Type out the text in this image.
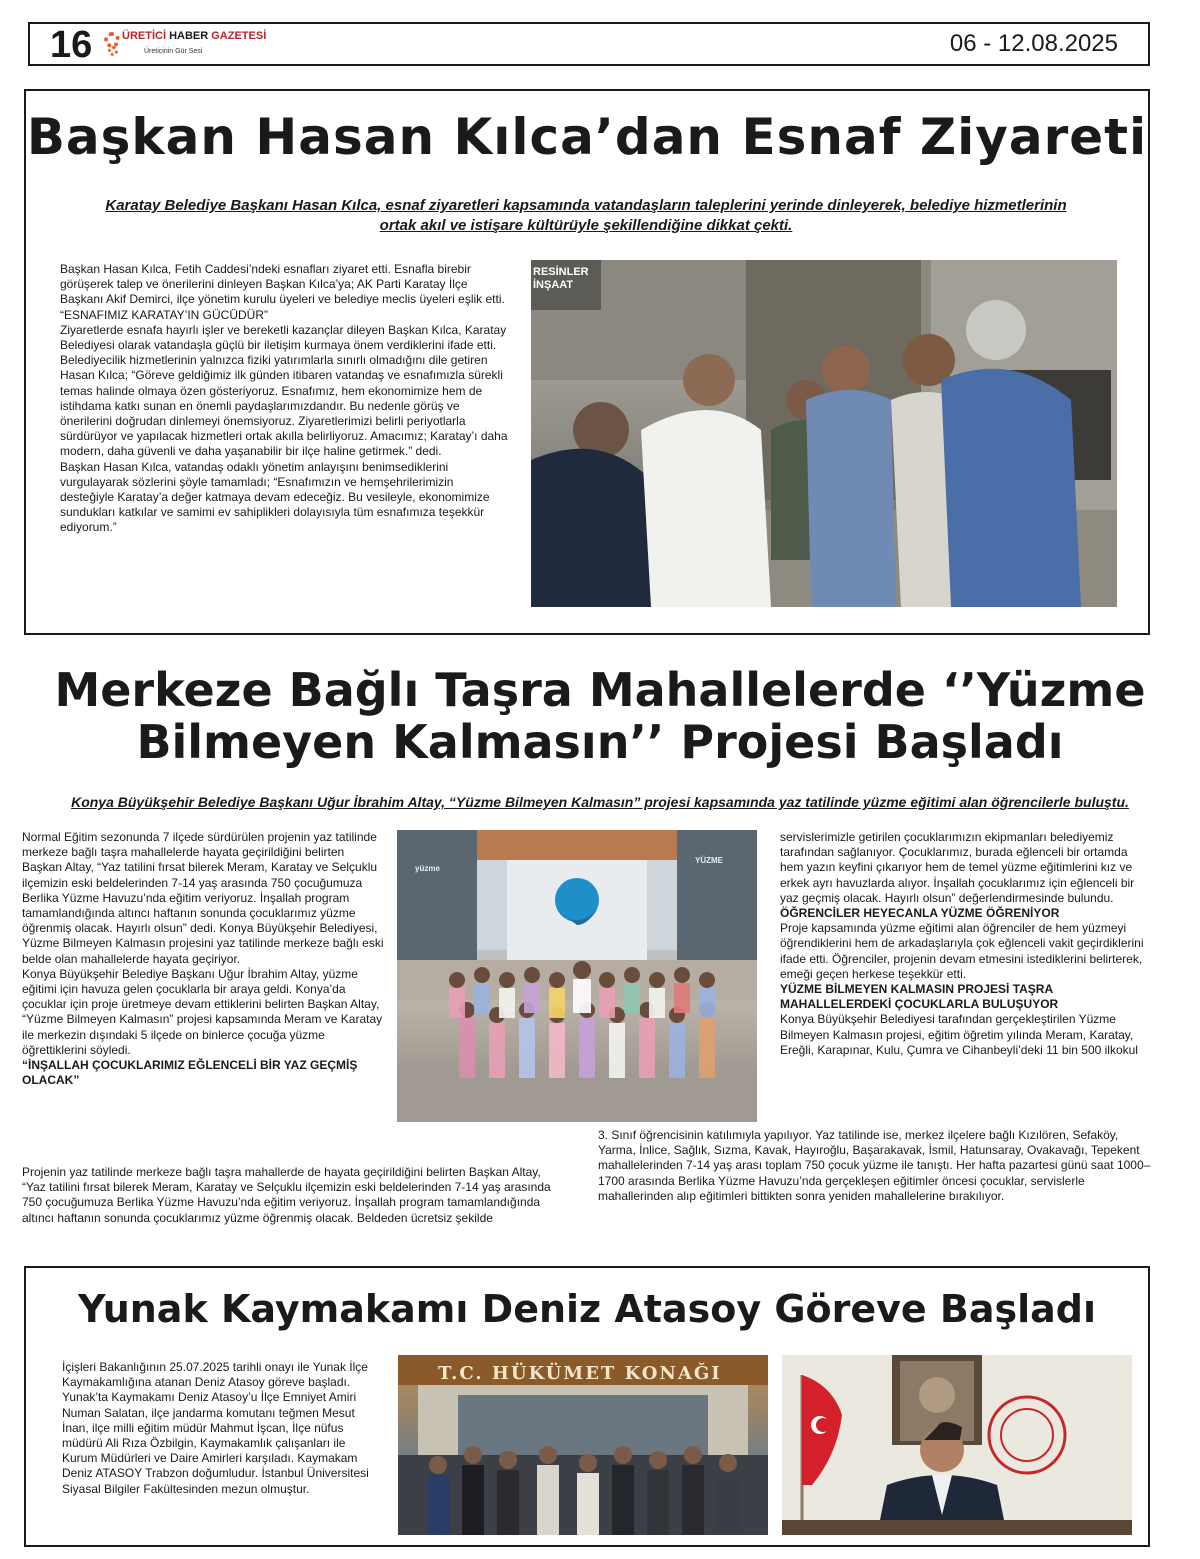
16	ÜRETİCİ HABER GAZETESİ
Üreticinin Gür Sesi	06 - 12.08.2025
Başkan Hasan Kılca’dan Esnaf Ziyareti
Karatay Belediye Başkanı Hasan Kılca, esnaf ziyaretleri kapsamında vatandaşların taleplerini yerinde dinleyerek, belediye hizmetlerinin ortak akıl ve istişare kültürüyle şekillendiğine dikkat çekti.

Başkan Hasan Kılca, Fetih Caddesi’ndeki esnafları ziyaret etti. Esnafla birebir görüşerek talep ve önerilerini dinleyen Başkan Kılca’ya; AK Parti Karatay İlçe Başkanı Akif Demirci, ilçe yönetim kurulu üyeleri ve belediye meclis üyeleri eşlik etti.

“ESNAFIMIZ KARATAY’IN GÜCÜDÜR”

Ziyaretlerde esnafa hayırlı işler ve bereketli kazançlar dileyen Başkan Kılca, Karatay Belediyesi olarak vatandaşla güçlü bir iletişim kurmaya önem verdiklerini ifade etti. Belediyecilik hizmetlerinin yalnızca fiziki yatırımlarla sınırlı olmadığını dile getiren Hasan Kılca; “Göreve geldiğimiz ilk günden itibaren vatandaş ve esnafımızla sürekli temas halinde olmaya özen gösteriyoruz. Esnafımız, hem ekonomimize hem de istihdama katkı sunan en önemli paydaşlarımızdandır. Bu nedenle görüş ve önerilerini doğrudan dinlemeyi önemsiyoruz. Ziyaretlerimizi belirli periyotlarla sürdürüyor ve yapılacak hizmetleri ortak akılla belirliyoruz. Amacımız; Karatay’ı daha modern, daha güvenli ve daha yaşanabilir bir ilçe haline getirmek.” dedi.

Başkan Hasan Kılca, vatandaş odaklı yönetim anlayışını benimsediklerini vurgulayarak sözlerini şöyle tamamladı; “Esnafımızın ve hemşehrilerimizin desteğiyle Karatay’a değer katmaya devam edeceğiz. Bu vesileyle, ekonomimize sundukları katkılar ve samimi ev sahiplikleri dolayısıyla tüm esnafımıza teşekkür ediyorum.”

RESİNLER İNŞAAT
Merkeze Bağlı Taşra Mahallelerde ‘’Yüzme Bilmeyen Kalmasın’’ Projesi Başladı
Konya Büyükşehir Belediye Başkanı Uğur İbrahim Altay, “Yüzme Bilmeyen Kalmasın” projesi kapsamında yaz tatilinde yüzme eğitimi alan öğrencilerle buluştu.

Normal Eğitim sezonunda 7 ilçede sürdürülen projenin yaz tatilinde merkeze bağlı taşra mahallelerde hayata geçirildiğini belirten Başkan Altay, “Yaz tatilini fırsat bilerek Meram, Karatay ve Selçuklu ilçemizin eski beldelerinden 7-14 yaş arasında 750 çocuğumuza Berlika Yüzme Havuzu’nda eğitim veriyoruz. İnşallah program tamamlandığında altıncı haftanın sonunda çocuklarımız yüzme öğrenmiş olacak. Hayırlı olsun” dedi. Konya Büyükşehir Belediyesi, Yüzme Bilmeyen Kalmasın projesini yaz tatilinde merkeze bağlı eski belde olan mahallelerde hayata geçiriyor.

Konya Büyükşehir Belediye Başkanı Uğur İbrahim Altay, yüzme eğitimi için havuza gelen çocuklarla bir araya geldi. Konya’da çocuklar için proje üretmeye devam ettiklerini belirten Başkan Altay, “Yüzme Bilmeyen Kalmasın” projesi kapsamında Meram ve Karatay ile merkezin dışındaki 5 ilçede on binlerce çocuğa yüzme öğrettiklerini söyledi.

“İNŞALLAH ÇOCUKLARIMIZ EĞLENCELİ BİR YAZ GEÇMİŞ OLACAK”

Projenin yaz tatilinde merkeze bağlı taşra mahallerde de hayata geçirildiğini belirten Başkan Altay, “Yaz tatilini fırsat bilerek Meram, Karatay ve Selçuklu ilçemizin eski beldelerinden 7-14 yaş arasında 750 çocuğumuza Berlika Yüzme Havuzu’nda eğitim veriyoruz. İnşallah program tamamlandığında altıncı haftanın sonunda çocuklarımız yüzme öğrenmiş olacak. Beldeden ücretsiz şekilde

yüzme
YÜZME

servislerimizle getirilen çocuklarımızın ekipmanları belediyemiz tarafından sağlanıyor. Çocuklarımız, burada eğlenceli bir ortamda hem yazın keyfini çıkarıyor hem de temel yüzme eğitimlerini kız ve erkek ayrı havuzlarda alıyor. İnşallah çocuklarımız için eğlenceli bir yaz geçmiş olacak. Hayırlı olsun” değerlendirmesinde bulundu.

ÖĞRENCİLER HEYECANLA YÜZME ÖĞRENİYOR

Proje kapsamında yüzme eğitimi alan öğrenciler de hem yüzmeyi öğrendiklerini hem de arkadaşlarıyla çok eğlenceli vakit geçirdiklerini ifade etti. Öğrenciler, projenin devam etmesini istediklerini belirterek, emeği geçen herkese teşekkür etti.

YÜZME BİLMEYEN KALMASIN PROJESİ TAŞRA MAHALLELERDEKİ ÇOCUKLARLA BULUŞUYOR

Konya Büyükşehir Belediyesi tarafından gerçekleştirilen Yüzme Bilmeyen Kalmasın projesi, eğitim öğretim yılında Meram, Karatay, Ereğli, Karapınar, Kulu, Çumra ve Cihanbeyli’deki 11 bin 500 ilkokul

3. Sınıf öğrencisinin katılımıyla yapılıyor. Yaz tatilinde ise, merkez ilçelere bağlı Kızılören, Sefaköy, Yarma, İnlice, Sağlık, Sızma, Kavak, Hayıroğlu, Başarakavak, İsmil, Hatunsaray, Ovakavağı, Tepekent mahallelerinden 7-14 yaş arası toplam 750 çocuk yüzme ile tanıştı. Her hafta pazartesi günü saat 1000–1700 arasında Berlika Yüzme Havuzu’nda gerçekleşen eğitimler öncesi çocuklar, servislerle mahallerinden alıp eğitimleri bittikten sonra yeniden mahallelerine bırakılıyor.

Yunak Kaymakamı Deniz Atasoy Göreve Başladı

İçişleri Bakanlığının 25.07.2025 tarihli onayı ile Yunak İlçe Kaymakamlığına atanan Deniz Atasoy göreve başladı.

Yunak’ta Kaymakamı Deniz Atasoy’u İlçe Emniyet Amiri Numan Salatan, ilçe jandarma komutanı teğmen Mesut İnan, ilçe milli eğitim müdür Mahmut İşcan, İlçe nüfus müdürü Ali Rıza Özbilgin, Kaymakamlık çalışanları ile Kurum Müdürleri ve Daire Amirleri karşıladı. Kaymakam Deniz ATASOY Trabzon doğumludur. İstanbul Üniversitesi Siyasal Bilgiler Fakültesinden mezun olmuştur.

T.C. HÜKÜMET KONAĞI
